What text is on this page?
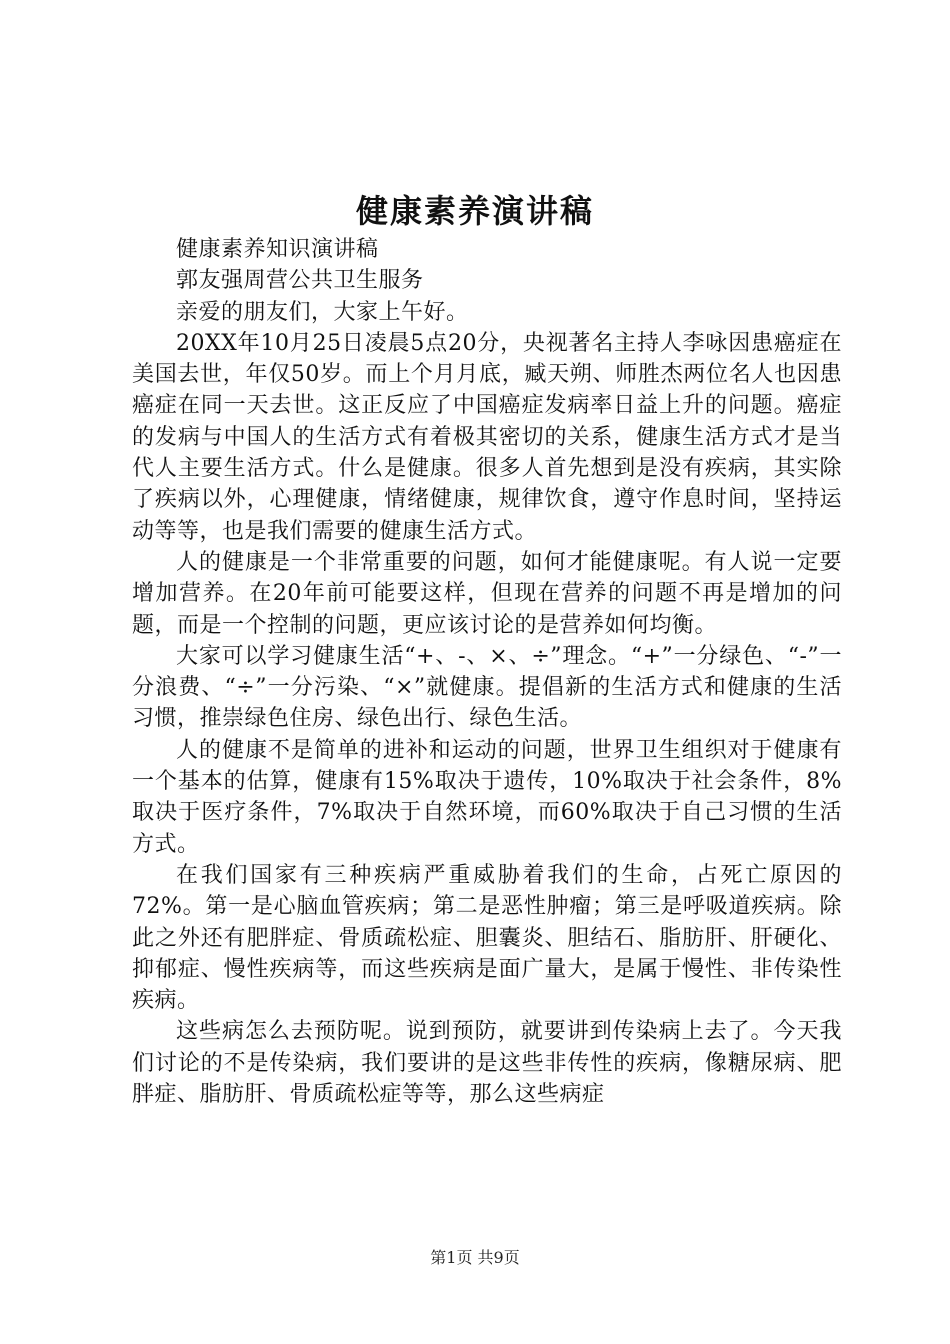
健康素养演讲稿

健康素养知识演讲稿

郭友强周营公共卫生服务

亲爱的朋友们，大家上午好。

20XX年10月25日凌晨5点20分，央视著名主持人李咏因患癌症在美国去世，年仅50岁。而上个月月底，臧天朔、师胜杰两位名人也因患癌症在同一天去世。这正反应了中国癌症发病率日益上升的问题。癌症的发病与中国人的生活方式有着极其密切的关系，健康生活方式才是当代人主要生活方式。什么是健康。很多人首先想到是没有疾病，其实除了疾病以外，心理健康，情绪健康，规律饮食，遵守作息时间，坚持运动等等，也是我们需要的健康生活方式。

人的健康是一个非常重要的问题，如何才能健康呢。有人说一定要增加营养。在20年前可能要这样，但现在营养的问题不再是增加的问题，而是一个控制的问题，更应该讨论的是营养如何均衡。

大家可以学习健康生活“+、-、×、÷”理念。“+”一分绿色、“-”一分浪费、“÷”一分污染、“×”就健康。提倡新的生活方式和健康的生活习惯，推崇绿色住房、绿色出行、绿色生活。

人的健康不是简单的进补和运动的问题，世界卫生组织对于健康有一个基本的估算，健康有15%取决于遗传，10%取决于社会条件，8%取决于医疗条件，7%取决于自然环境，而60%取决于自己习惯的生活方式。

在我们国家有三种疾病严重威胁着我们的生命，占死亡原因的72%。第一是心脑血管疾病；第二是恶性肿瘤；第三是呼吸道疾病。除此之外还有肥胖症、骨质疏松症、胆囊炎、胆结石、脂肪肝、肝硬化、抑郁症、慢性疾病等，而这些疾病是面广量大，是属于慢性、非传染性疾病。

这些病怎么去预防呢。说到预防，就要讲到传染病上去了。今天我们讨论的不是传染病，我们要讲的是这些非传性的疾病，像糖尿病、肥胖症、脂肪肝、骨质疏松症等等，那么这些病症

第1页 共9页
